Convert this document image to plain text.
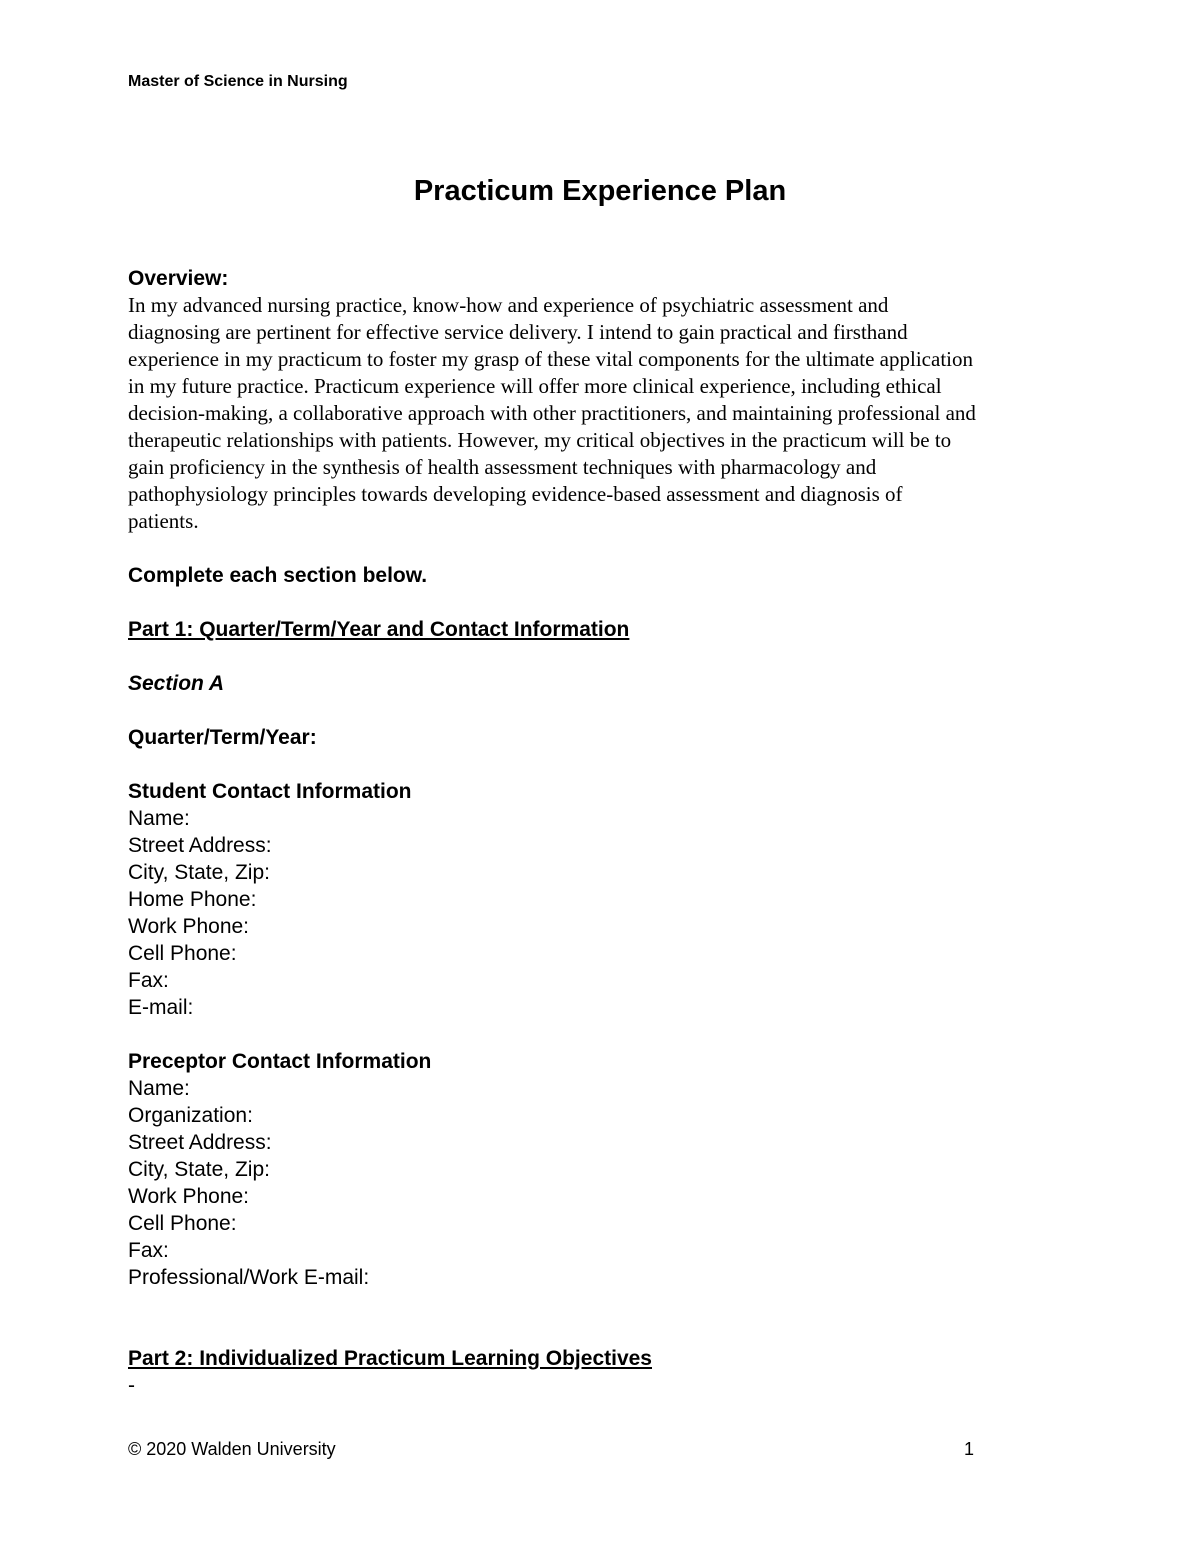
Master of Science in Nursing
Practicum Experience Plan
Overview:
In my advanced nursing practice, know-how and experience of psychiatric assessment and
diagnosing are pertinent for effective service delivery. I intend to gain practical and firsthand
experience in my practicum to foster my grasp of these vital components for the ultimate application
in my future practice. Practicum experience will offer more clinical experience, including ethical
decision-making, a collaborative approach with other practitioners, and maintaining professional and
therapeutic relationships with patients. However, my critical objectives in the practicum will be to
gain proficiency in the synthesis of health assessment techniques with pharmacology and
pathophysiology principles towards developing evidence-based assessment and diagnosis of
patients.
Complete each section below.
Part 1: Quarter/Term/Year and Contact Information
Section A
Quarter/Term/Year:
Student Contact Information
Name:
Street Address:
City, State, Zip:
Home Phone:
Work Phone:
Cell Phone:
Fax:
E-mail:
Preceptor Contact Information
Name:
Organization:
Street Address:
City, State, Zip:
Work Phone:
Cell Phone:
Fax:
Professional/Work E-mail:
Part 2: Individualized Practicum Learning Objectives
-
© 2020 Walden University	1
